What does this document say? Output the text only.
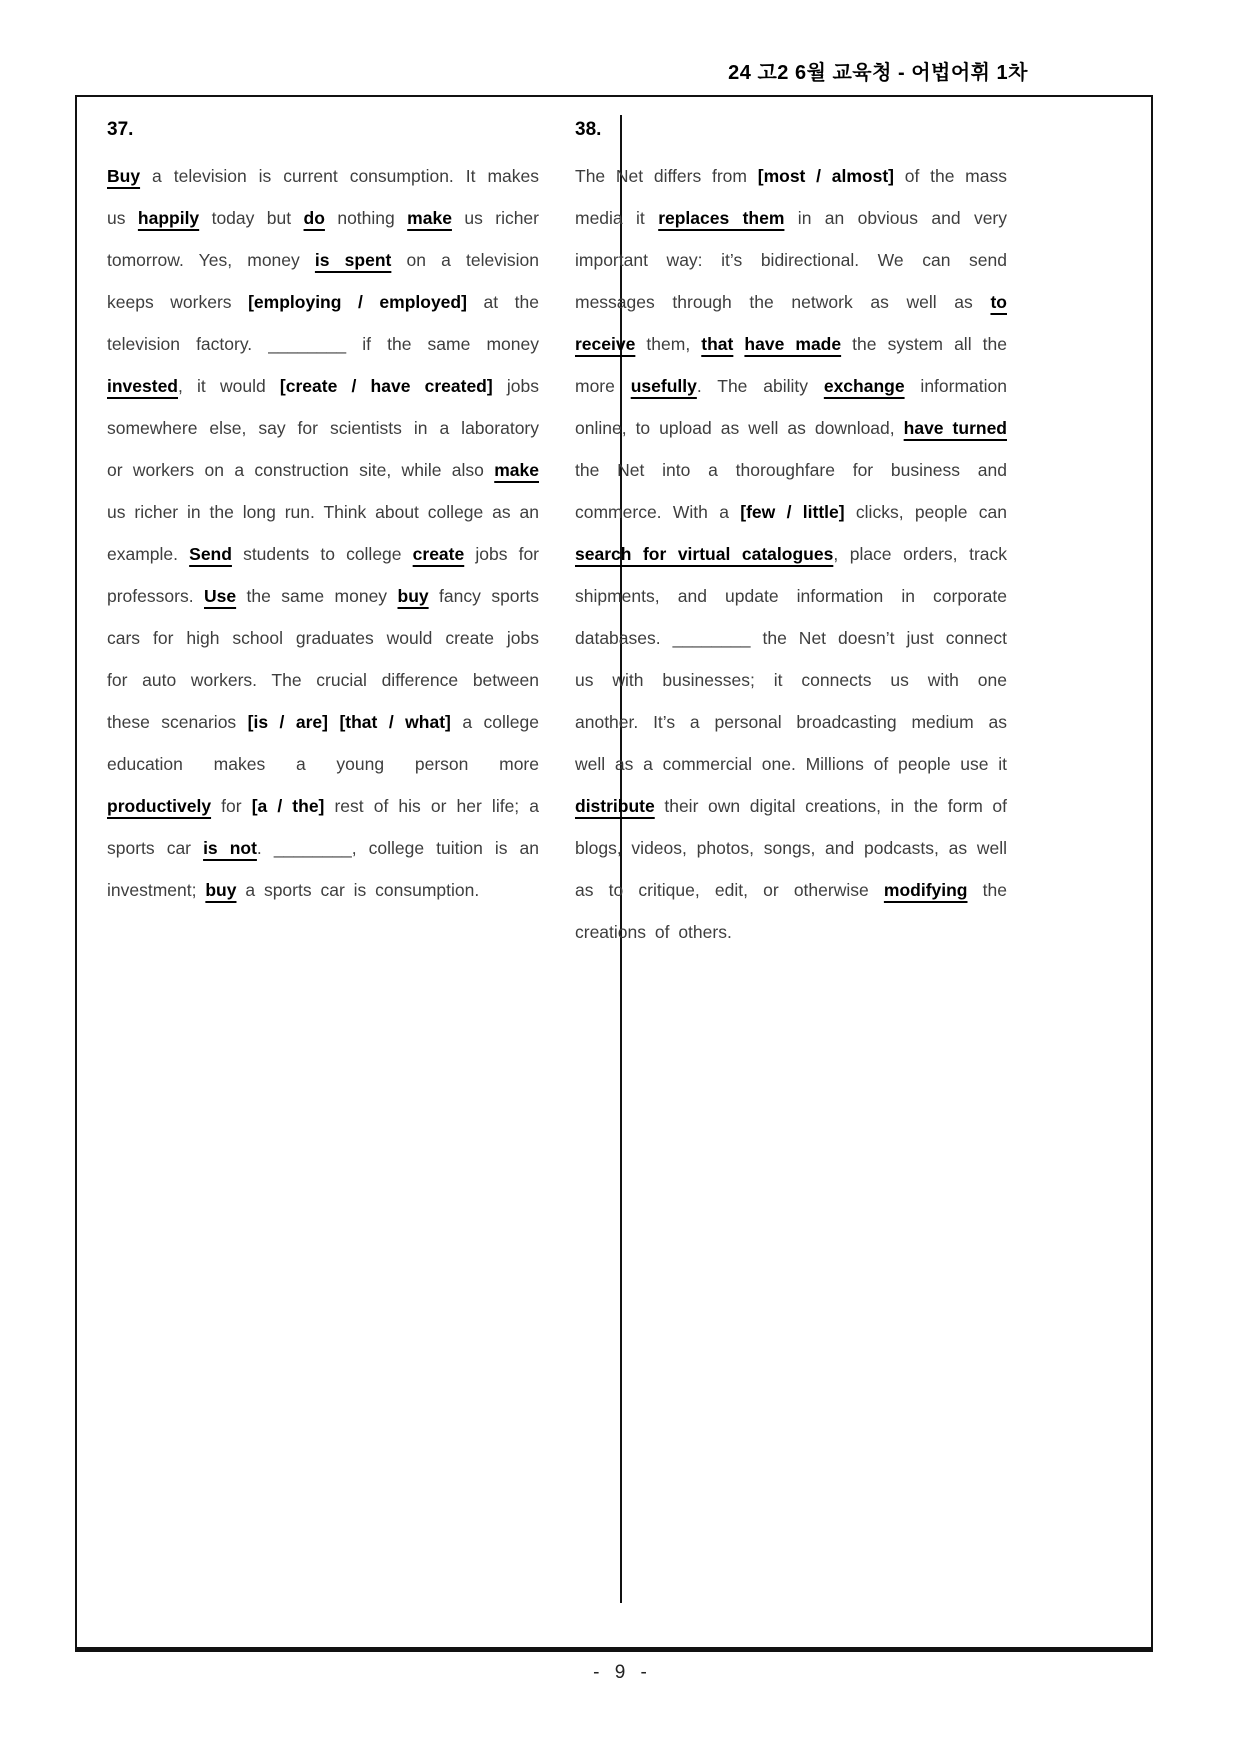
24 고2 6월 교육청 - 어법어휘 1차
37.

Buy a television is current consumption. It makes us happily today but do nothing make us richer tomorrow. Yes, money is spent on a television keeps workers [employing / employed] at the television factory. ________ if the same money invested, it would [create / have created] jobs somewhere else, say for scientists in a laboratory or workers on a construction site, while also make us richer in the long run. Think about college as an example. Send students to college create jobs for professors. Use the same money buy fancy sports cars for high school graduates would create jobs for auto workers. The crucial difference between these scenarios [is / are] [that / what] a college education makes a young person more productively for [a / the] rest of his or her life; a sports car is not. ________, college tuition is an investment; buy a sports car is consumption.

38.

The Net differs from [most / almost] of the mass media it replaces them in an obvious and very important way: it’s bidirectional. We can send messages through the network as well as to receive them, that have made the system all the more usefully. The ability exchange information online, to upload as well as download, have turned the Net into a thoroughfare for business and commerce. With a [few / little] clicks, people can search for virtual catalogues, place orders, track shipments, and update information in corporate databases. ________ the Net doesn’t just connect us with businesses; it connects us with one another. It’s a personal broadcasting medium as well as a commercial one. Millions of people use it distribute their own digital creations, in the form of blogs, videos, photos, songs, and podcasts, as well as to critique, edit, or otherwise modifying the creations of others.

- 9 -
